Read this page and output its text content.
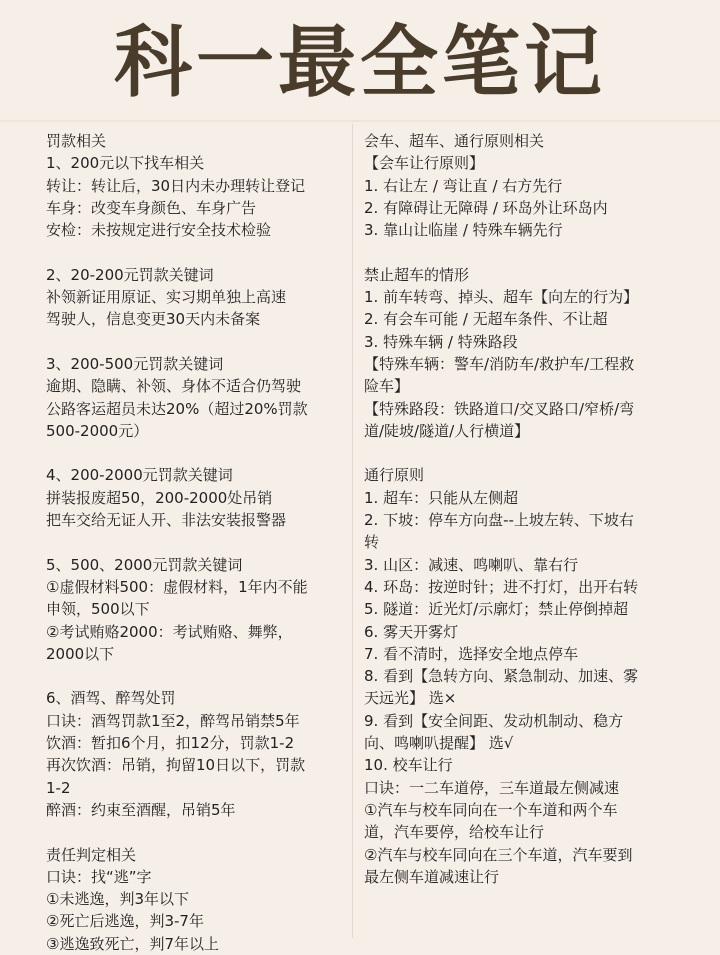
科一最全笔记
罚款相关
1、200元以下找车相关
转让：转让后，30日内未办理转让登记
车身：改变车身颜色、车身广告
安检：未按规定进行安全技术检验
2、20-200元罚款关键词
补领新证用原证、实习期单独上高速
驾驶人，信息变更30天内未备案
3、200-500元罚款关键词
逾期、隐瞒、补领、身体不适合仍驾驶
公路客运超员未达20%（超过20%罚款
500-2000元）
4、200-2000元罚款关键词
拼装报废超50，200-2000处吊销
把车交给无证人开、非法安装报警器
5、500、2000元罚款关键词
①虚假材料500：虚假材料，1年内不能
申领，500以下
②考试贿赂2000：考试贿赂、舞弊，
2000以下
6、酒驾、醉驾处罚
口诀：酒驾罚款1至2，醉驾吊销禁5年
饮酒：暂扣6个月，扣12分，罚款1-2
再次饮酒：吊销，拘留10日以下，罚款
1-2
醉酒：约束至酒醒，吊销5年
责任判定相关
口诀：找“逃”字
①未逃逸，判3年以下
②死亡后逃逸，判3-7年
③逃逸致死亡，判7年以上
会车、超车、通行原则相关
【会车让行原则】
1. 右让左 / 弯让直 / 右方先行
2. 有障碍让无障碍 / 环岛外让环岛内
3. 靠山让临崖 / 特殊车辆先行
禁止超车的情形
1. 前车转弯、掉头、超车【向左的行为】
2. 有会车可能 / 无超车条件、不让超
3. 特殊车辆 / 特殊路段
【特殊车辆：警车/消防车/救护车/工程救
险车】
【特殊路段：铁路道口/交叉路口/窄桥/弯
道/陡坡/隧道/人行横道】
通行原则
1. 超车：只能从左侧超
2. 下坡：停车方向盘--上坡左转、下坡右
转
3. 山区：减速、鸣喇叭、靠右行
4. 环岛：按逆时针；进不打灯，出开右转
5. 隧道：近光灯/示廓灯；禁止停倒掉超
6. 雾天开雾灯
7. 看不清时，选择安全地点停车
8. 看到【急转方向、紧急制动、加速、雾
天远光】 选×
9. 看到【安全间距、发动机制动、稳方
向、鸣喇叭提醒】 选√
10. 校车让行
口诀：一二车道停，三车道最左侧减速
①汽车与校车同向在一个车道和两个车
道，汽车要停，给校车让行
②汽车与校车同向在三个车道，汽车要到
最左侧车道减速让行
